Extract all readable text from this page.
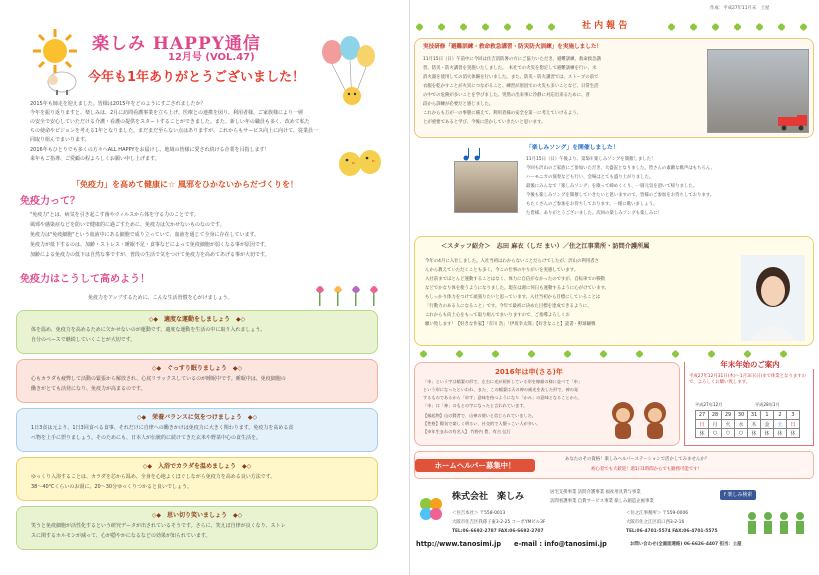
楽しみ HAPPY通信
12月号 (VOL.47)
今年も1年ありがとうございました！
2015年も師走を迎えました。皆様は2015年をどのようにすごされましたか？
今年を振り返りますと、楽しみは、2月に訪問看護事業を立ち上げ、医療との連携を図り、利用者様、ご家族様により一層
の安全で安心していただける介護・看護の提供をスタートすることができました。また、新しい年の職員も多く、改めて私た
ちの使命やビジョンを考える1年となりました。まだまだ至らない点はありますが、これからもサービス向上に向けて、従業員一
同取り組んでまいります。
2016年もひとりでも多くの方々へALL HAPPYをお届けし、地域の皆様に愛され続ける企業を目指します！
来年もご指導、ご愛顧の程よろしくお願い申し上げます。
「免疫力」を高めて健康に☆ 風邪をひかないからだづくりを！
免疫力って？
"免疫力"とは、病気を引き起こす菌やウィルスから体を守る力のことです。
風邪や感染症などを防いで健康的に過ごすために、免疫力は欠かせないものなのです。
免疫力は"免疫細胞"という血液中にある細胞で成り立っていて、血液を通じて全身に存在しています。
免疫力が低下するのは、加齢・ストレス・睡眠不足・食事などによって免疫細胞が弱くなる事が原因です。
加齢による免疫力の低下は自然な事ですが、普段の生活で気をつけて免疫力を高めてあげる事が大切です。
免疫力はこうして高めよう！
免疫力をアップするために、こんな生活習慣を心がけましょう。
◇◆　適度な運動をしましょう　◆◇
体を温め、免疫力を高めるために欠かせないのが運動です。適度な運動を生活の中に取り入れましょう。
自分のペースで継続していくことが大切です。
◇◆　ぐっすり眠りましょう　◆◇
心もカラダも疲弊して活動の緊張から解放され、心底リラックスしているのが睡眠中です。睡眠中は、免疫細胞の
働きがとても活発になり、免疫力が高まるのです。
◇◆　栄養バランスに気をつけましょう　◆◇
1日3食は元より、1日3回食べる食事、それだけに自律への働きかけは免疫力に大きく関わります。免疫力を高める食
べ物を上手に摂りましょう。そのためにも、日本人が伝統的に続けてきた玄米や野菜中心の食生活を。
◇◆　入浴でカラダを温めましょう　◆◇
ゆっくり入浴することは、カラダを芯から温め、全身を心地よくほぐしながら免疫力を高める良い方法です。
38〜40℃くらいのお湯に、20〜30分ゆっくりつかると良いでしょう。
◇◆　思い切り笑いましょう　◆◇
笑うと免疫細胞が活性化するという研究データが出されているそうです。さらに、笑えば自律が良くなり、ストレ
スに関するホルモンが減って、心が穏やかになるなどの効果が知られています。
作成：平成27年11月末　土屋
社 内 報 告
実技研修「避難訓練・救命救急講習・防災防火訓練」を実施しました！
11月15日（日）午前中に今回は住吉消防署の方にご協力いただき、避難訓練、救命救急講
習、防災・防火講習を実施いたしました。　本社での火災を想定して避難訓練を行い、水
消火器を使用しての消火体験を行いました。また、防災・防火講習では、ストーブの前で
衣服を乾かすことが火災につながること、練習が原因での火災も多いことなど、日常生活
の中での危険が多いことを学びました。突然の出来事に冷静に対応出来るために、普
段から訓練が必要だと感じました。
これからも万が一の事態に備えて、利用者様の安全を第一に考えていけるよう、
とが重要であると学び、今後に活かしていきたいと思います。
「楽しみソング」を開催しました！
11月15日（日）午後より、第5回 楽しみソングを開催しました！
今回も沢山のご家族にご参加いただき、大盛況となりました。皆さんの素敵な歌声はもちろん、
ハーモニカの演奏なども行い、会場はとても盛り上がりました。
最後にみんなで「楽しみソング」を歌って締めくくり、一層元気を頂いて帰りました。
今後も楽しみソングを開催していきたいと思いますので、皆様のご参加をお待ちしております。
もたくさんのご参加をお待ちしております。一緒に歌いましょう。
た皆様、ありがとうございました。次回の楽しみソングも楽しみに！
＜スタッフ紹介＞　志田 麻衣（しだ まい）／住之江事業所・訪問介護所属
今年の4月に入社しました。入社当初はわからないことだらけでしたが、沢山の利用者さ
んから教えていただくことも多く、今この仕事のやりがいを実感しています。
入社前までほとんど運動することはなく、体力に自信がなかったのですが、自転車での移動
などでかなり体を使うようになりました。現在は週に何日も運動するように心がけています。
もしっかり体力をつけて頑張りたいと思っています。入社当初から目標にしていることは
「行動力のある人になること」です。今年で最初に決めた目標を達成できるように、
これからも向上心をもって取り組んでまいりますので、ご指導よろしくお
願い致します！【好きな作家】「有川 浩」「伊坂幸太郎」【好きなこと】読書・野球観戦
2016年は申(さる)年
「申」という字は稲妻の形で、左右に光が屈折している形を線描の様に並べて「申」
という形になったといわれ、また、この稲妻は天の神の威光を表した形で、神の発
するものであるから「申す」意味を持つようになり「かみ」の意味となることから、
「申」は「神」のもとの字になったと言われています。
【縁起物】山の賢者で、山神の使いと信じられていました。
【性格】陽気で楽しく明るい、社交的で人懐っこい人が多い。
【申年生まれの有名人】 竹野内 豊、有吉 弘行
年末年始のご案内
平成27年12月31日(木)〜1月3日(日)まで休業となりますので、よろしくお願い致します。
平成27年12月	平成28年1月
27	28	29	30	31	1	2	3
日	月	火	水	木	金	土	日
休	○	○	○	休	休	休	休
ホームヘルパー募集中！
あなたのその資格！楽しみヘルパーステーションで活かしてみませんか？
初心者でも大歓迎！週1日1時間からでも勤務可能です！
株式会社　楽しみ	居宅支援事業 訪問介護事業 福祉用具貸与事業
訪問看護事業 自費サービス事業 楽しみ創造企画事業
f 楽しみ検索
＜住吉本社＞ 〒558-0013
大阪市住吉区我孫子東3-2-25 コーポYMビル3F
TEL:06-6692-2787 FAX:06-6692-2707
＜住之江事務所＞ 〒559-0006
大阪市住之江区浜口西3-2-16
TEL:06-4701-5574 FAX:06-4701-5575
http://www.tanosimi.jp e-mail : info@tanosimi.jp	お問い合わせ(全画面連絡) 06-6626-4407 担当：土屋
